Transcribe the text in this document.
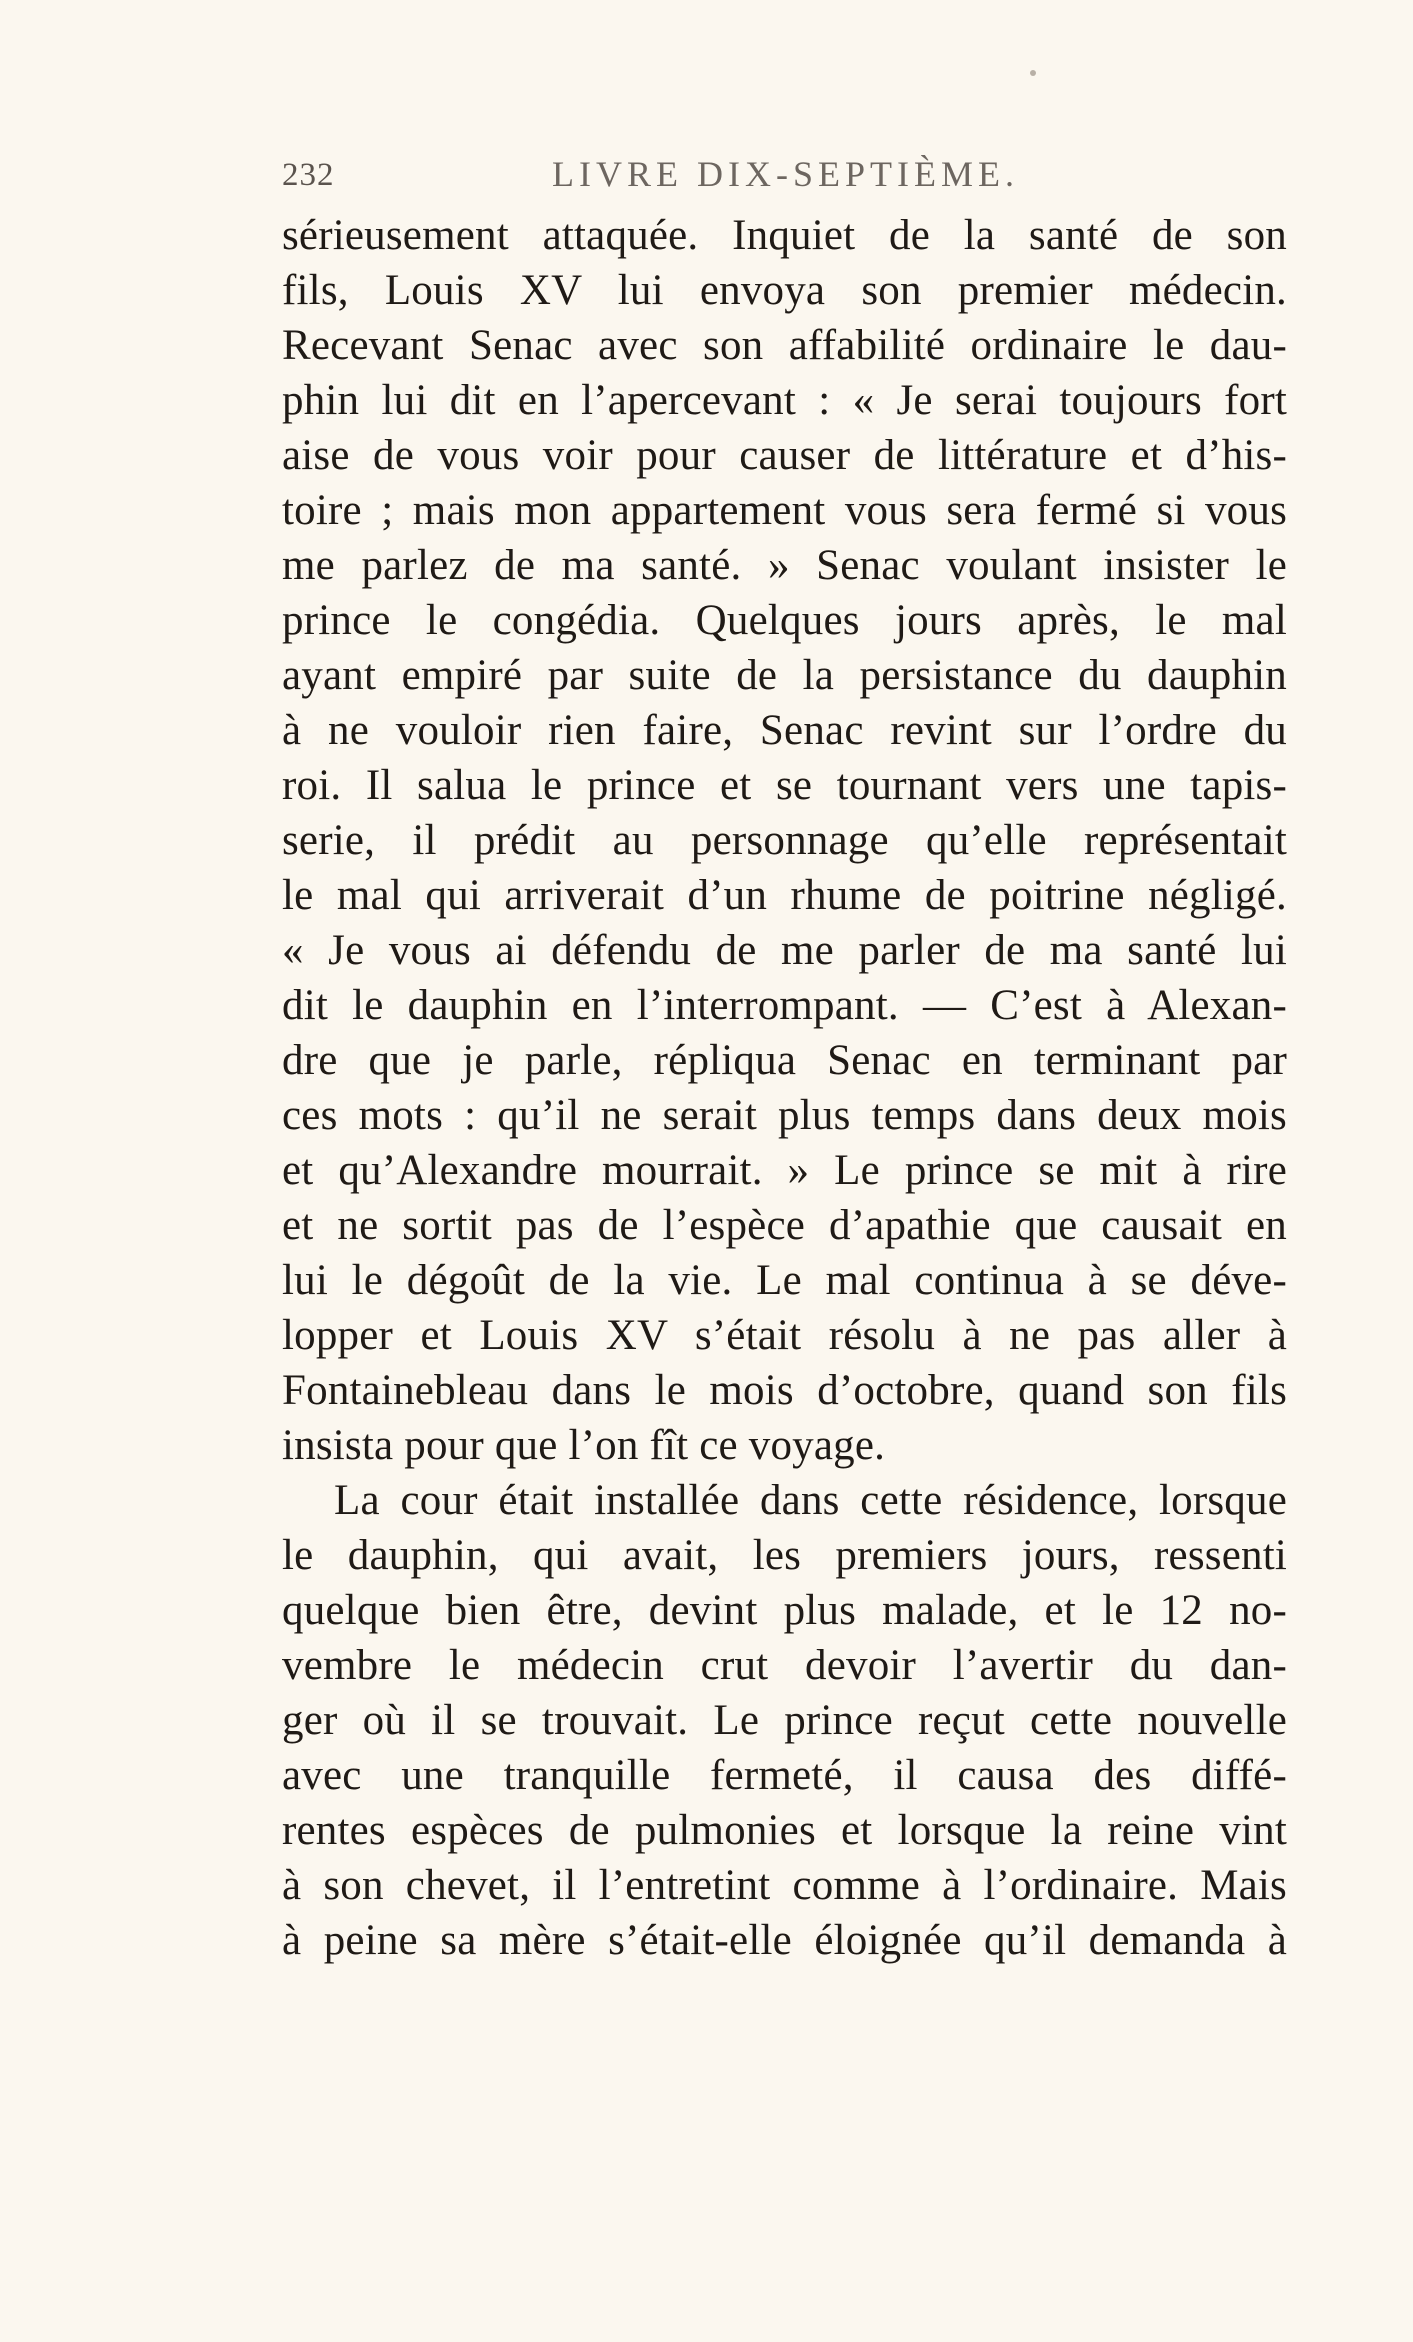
232	LIVRE DIX-SEPTIÈME.
sérieusement attaquée. Inquiet de la santé de son
fils, Louis XV lui envoya son premier médecin.
Recevant Senac avec son affabilité ordinaire le dau-
phin lui dit en l’apercevant : « Je serai toujours fort
aise de vous voir pour causer de littérature et d’his-
toire ; mais mon appartement vous sera fermé si vous
me parlez de ma santé. » Senac voulant insister le
prince le congédia. Quelques jours après, le mal
ayant empiré par suite de la persistance du dauphin
à ne vouloir rien faire, Senac revint sur l’ordre du
roi. Il salua le prince et se tournant vers une tapis-
serie, il prédit au personnage qu’elle représentait
le mal qui arriverait d’un rhume de poitrine négligé.
« Je vous ai défendu de me parler de ma santé lui
dit le dauphin en l’interrompant. — C’est à Alexan-
dre que je parle, répliqua Senac en terminant par
ces mots : qu’il ne serait plus temps dans deux mois
et qu’Alexandre mourrait. » Le prince se mit à rire
et ne sortit pas de l’espèce d’apathie que causait en
lui le dégoût de la vie. Le mal continua à se déve-
lopper et Louis XV s’était résolu à ne pas aller à
Fontainebleau dans le mois d’octobre, quand son fils
insista pour que l’on fît ce voyage.
La cour était installée dans cette résidence, lorsque
le dauphin, qui avait, les premiers jours, ressenti
quelque bien être, devint plus malade, et le 12 no-
vembre le médecin crut devoir l’avertir du dan-
ger où il se trouvait. Le prince reçut cette nouvelle
avec une tranquille fermeté, il causa des diffé-
rentes espèces de pulmonies et lorsque la reine vint
à son chevet, il l’entretint comme à l’ordinaire. Mais
à peine sa mère s’était-elle éloignée qu’il demanda à
